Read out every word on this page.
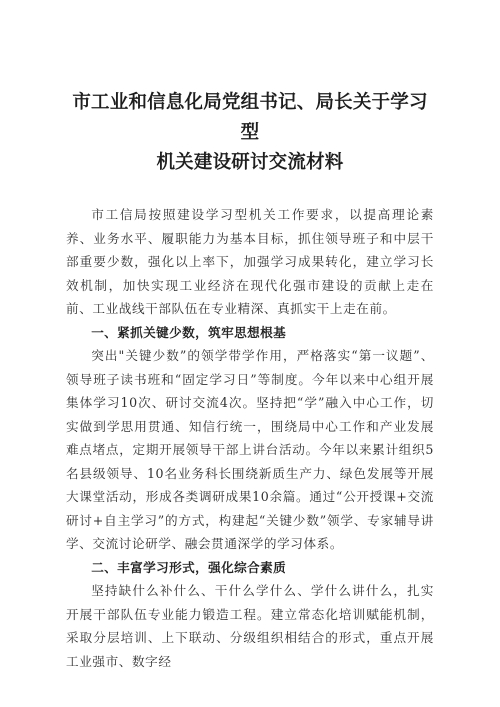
市工业和信息化局党组书记、局长关于学习型
机关建设研讨交流材料

市工信局按照建设学习型机关工作要求，以提高理论素养、业务水平、履职能力为基本目标，抓住领导班子和中层干部重要少数，强化以上率下，加强学习成果转化，建立学习长效机制，加快实现工业经济在现代化强市建设的贡献上走在前、工业战线干部队伍在专业精深、真抓实干上走在前。

一、紧抓关键少数，筑牢思想根基

突出"关键少数”的领学带学作用，严格落实“第一议题”、领导班子读书班和“固定学习日”等制度。今年以来中心组开展集体学习10次、研讨交流4次。坚持把“学”融入中心工作，切实做到学思用贯通、知信行统一，围绕局中心工作和产业发展难点堵点，定期开展领导干部上讲台活动。今年以来累计组织5名县级领导、10名业务科长围绕新质生产力、绿色发展等开展大课堂活动，形成各类调研成果10余篇。通过“公开授课+交流研讨+自主学习”的方式，构建起“关键少数”领学、专家辅导讲学、交流讨论研学、融会贯通深学的学习体系。

二、丰富学习形式，强化综合素质

坚持缺什么补什么、干什么学什么、学什么讲什么，扎实开展干部队伍专业能力锻造工程。建立常态化培训赋能机制，采取分层培训、上下联动、分级组织相结合的形式，重点开展工业强市、数字经
